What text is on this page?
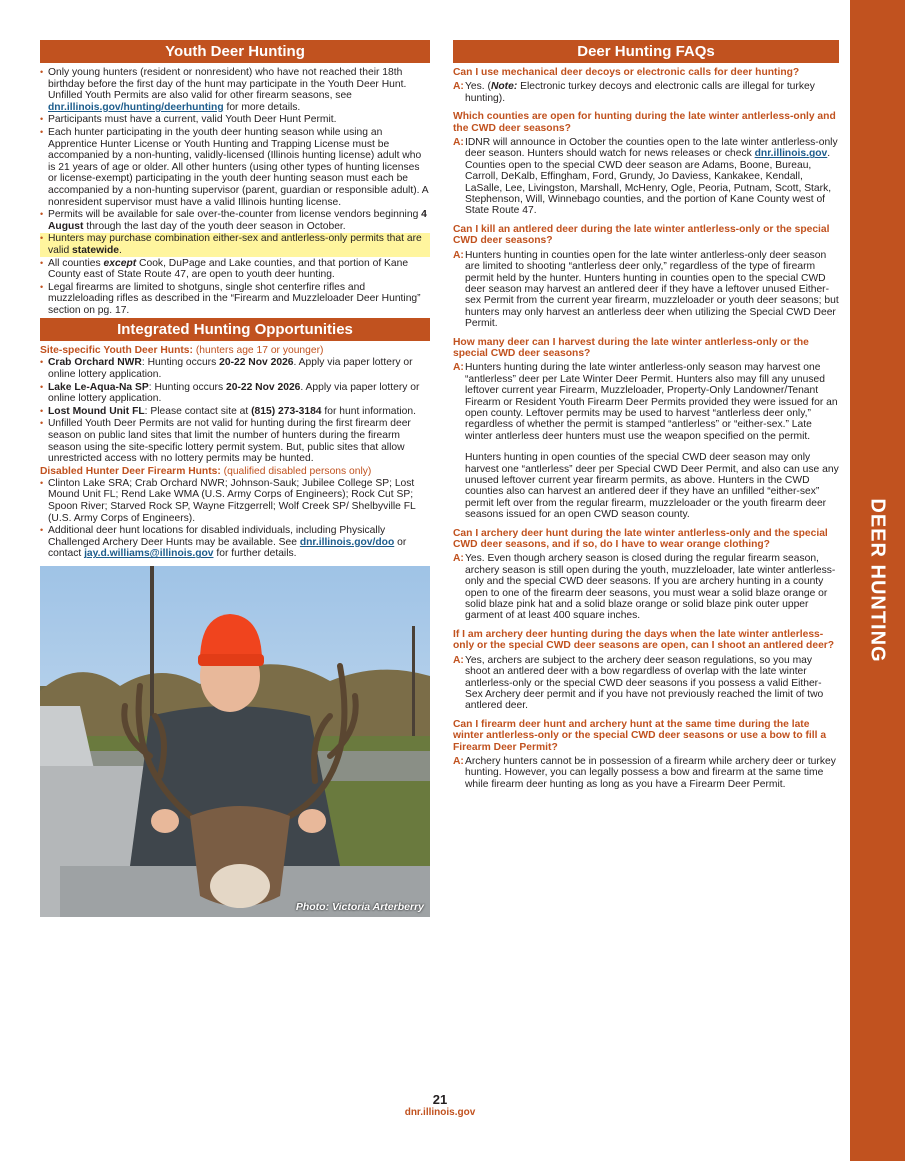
DEER HUNTING
Youth Deer Hunting
• Only young hunters (resident or nonresident) who have not reached their 18th birthday before the first day of the hunt may participate in the Youth Deer Hunt. Unfilled Youth Permits are also valid for other firearm seasons, see dnr.illinois.gov/hunting/deerhunting for more details.
• Participants must have a current, valid Youth Deer Hunt Permit.
• Each hunter participating in the youth deer hunting season while using an Apprentice Hunter License or Youth Hunting and Trapping License must be accompanied by a non-hunting, validly-licensed (Illinois hunting license) adult who is 21 years of age or older. All other hunters (using other types of hunting licenses or license-exempt) participating in the youth deer hunting season must each be accompanied by a non-hunting supervisor (parent, guardian or responsible adult). A nonresident supervisor must have a valid Illinois hunting license.
• Permits will be available for sale over-the-counter from license vendors beginning 4 August through the last day of the youth deer season in October.
• Hunters may purchase combination either-sex and antlerless-only permits that are valid statewide.
• All counties except Cook, DuPage and Lake counties, and that portion of Kane County east of State Route 47, are open to youth deer hunting.
• Legal firearms are limited to shotguns, single shot centerfire rifles and muzzleloading rifles as described in the “Firearm and Muzzleloader Deer Hunting” section on pg. 17.
Integrated Hunting Opportunities
Site-specific Youth Deer Hunts: (hunters age 17 or younger)
• Crab Orchard NWR: Hunting occurs 20-22 Nov 2026. Apply via paper lottery or online lottery application.
• Lake Le-Aqua-Na SP: Hunting occurs 20-22 Nov 2026. Apply via paper lottery or online lottery application.
• Lost Mound Unit FL: Please contact site at (815) 273-3184 for hunt information.
• Unfilled Youth Deer Permits are not valid for hunting during the first firearm deer season on public land sites that limit the number of hunters during the firearm season using the site-specific lottery permit system. But, public sites that allow unrestricted access with no lottery permits may be hunted.
Disabled Hunter Deer Firearm Hunts: (qualified disabled persons only)
• Clinton Lake SRA; Crab Orchard NWR; Johnson-Sauk; Jubilee College SP; Lost Mound Unit FL; Rend Lake WMA (U.S. Army Corps of Engineers); Rock Cut SP; Spoon River; Starved Rock SP, Wayne Fitzgerrell; Wolf Creek SP/ Shelbyville FL (U.S. Army Corps of Engineers).
• Additional deer hunt locations for disabled individuals, including Physically Challenged Archery Deer Hunts may be available. See dnr.illinois.gov/doo or contact jay.d.williams@illinois.gov for further details.
Photo: Victoria Arterberry
Deer Hunting FAQs
Can I use mechanical deer decoys or electronic calls for deer hunting?
A: Yes. (Note: Electronic turkey decoys and electronic calls are illegal for turkey hunting).
Which counties are open for hunting during the late winter antlerless-only and the CWD deer seasons?
A: IDNR will announce in October the counties open to the late winter antlerless-only deer season. Hunters should watch for news releases or check dnr.illinois.gov. Counties open to the special CWD deer season are Adams, Boone, Bureau, Carroll, DeKalb, Effingham, Ford, Grundy, Jo Daviess, Kankakee, Kendall, LaSalle, Lee, Livingston, Marshall, McHenry, Ogle, Peoria, Putnam, Scott, Stark, Stephenson, Will, Winnebago counties, and the portion of Kane County west of State Route 47.
Can I kill an antlered deer during the late winter antlerless-only or the special CWD deer seasons?
A: Hunters hunting in counties open for the late winter antlerless-only deer season are limited to shooting “antlerless deer only,” regardless of the type of firearm permit held by the hunter. Hunters hunting in counties open to the special CWD deer season may harvest an antlered deer if they have a leftover unused Either-sex Permit from the current year firearm, muzzleloader or youth deer seasons; but hunters may only harvest an antlerless deer when utilizing the Special CWD Deer Permit.
How many deer can I harvest during the late winter antlerless-only or the special CWD deer seasons?
A: Hunters hunting during the late winter antlerless-only season may harvest one “antlerless” deer per Late Winter Deer Permit. Hunters also may fill any unused leftover current year Firearm, Muzzleloader, Property-Only Landowner/Tenant Firearm or Resident Youth Firearm Deer Permits provided they were issued for an open county. Leftover permits may be used to harvest “antlerless deer only,” regardless of whether the permit is stamped “antlerless” or “either-sex.” Late winter antlerless deer hunters must use the weapon specified on the permit.

Hunters hunting in open counties of the special CWD deer season may only harvest one “antlerless” deer per Special CWD Deer Permit, and also can use any unused leftover current year firearm permits, as above. Hunters in the CWD counties also can harvest an antlered deer if they have an unfilled “either-sex” permit left over from the regular firearm, muzzleloader or the youth firearm deer seasons issued for an open CWD season county.

Can I archery deer hunt during the late winter antlerless-only and the special CWD deer seasons, and if so, do I have to wear orange clothing?
A: Yes. Even though archery season is closed during the regular firearm season, archery season is still open during the youth, muzzleloader, late winter antlerless-only and the special CWD deer seasons. If you are archery hunting in a county open to one of the firearm deer seasons, you must wear a solid blaze orange or solid blaze pink hat and a solid blaze orange or solid blaze pink outer upper garment of at least 400 square inches.
If I am archery deer hunting during the days when the late winter antlerless-only or the special CWD deer seasons are open, can I shoot an antlered deer?
A: Yes, archers are subject to the archery deer season regulations, so you may shoot an antlered deer with a bow regardless of overlap with the late winter antlerless-only or the special CWD deer seasons if you possess a valid Either-Sex Archery deer permit and if you have not previously reached the limit of two antlered deer.
Can I firearm deer hunt and archery hunt at the same time during the late winter antlerless-only or the special CWD deer seasons or use a bow to fill a Firearm Deer Permit?
A: Archery hunters cannot be in possession of a firearm while archery deer or turkey hunting. However, you can legally possess a bow and firearm at the same time while firearm deer hunting as long as you have a Firearm Deer Permit.
21
dnr.illinois.gov
